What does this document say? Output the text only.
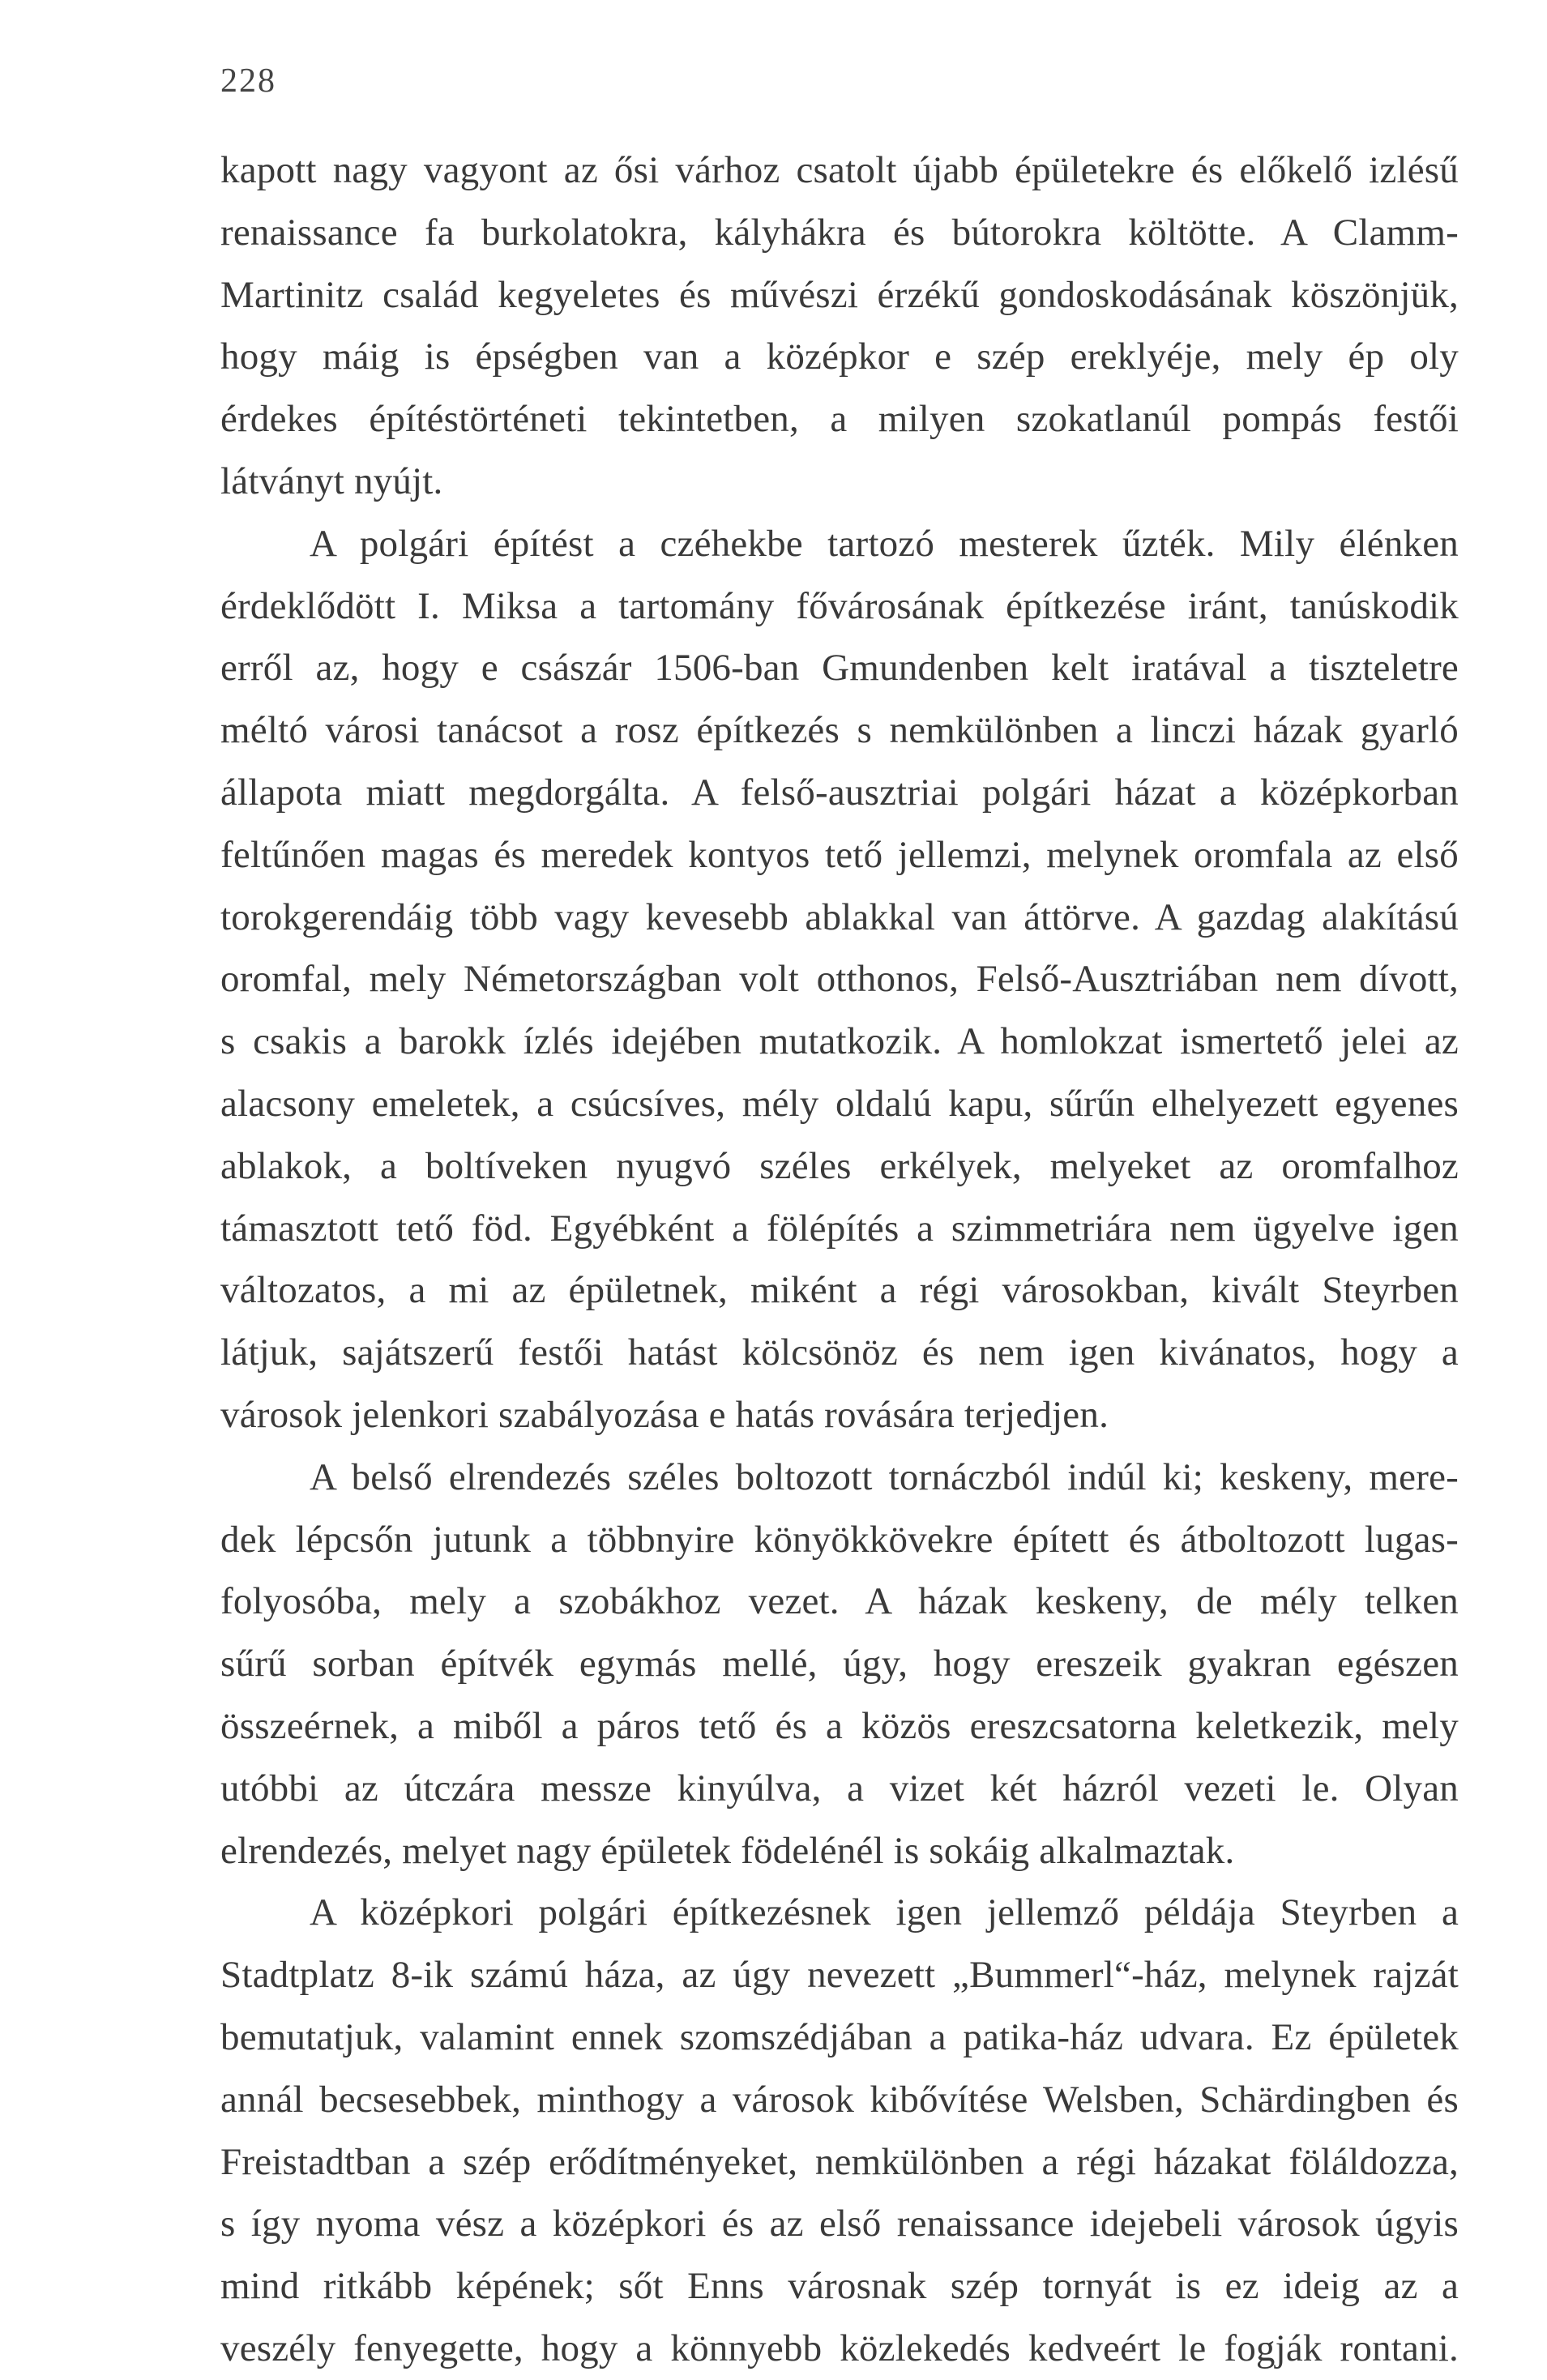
228
kapott nagy vagyont az ősi várhoz csatolt újabb épületekre és előkelő izlésű
renaissance fa burkolatokra, kályhákra és bútorokra költötte. A Clamm-
Martinitz család kegyeletes és művészi érzékű gondoskodásának köszönjük,
hogy máig is épségben van a középkor e szép ereklyéje, mely ép oly
érdekes építéstörténeti tekintetben, a milyen szokatlanúl pompás festői
látványt nyújt.
A polgári építést a czéhekbe tartozó mesterek űzték. Mily élénken
érdeklődött I. Miksa a tartomány fővárosának építkezése iránt, tanúskodik
erről az, hogy e császár 1506-ban Gmundenben kelt iratával a tiszteletre
méltó városi tanácsot a rosz építkezés s nemkülönben a linczi házak gyarló
állapota miatt megdorgálta. A felső-ausztriai polgári házat a középkorban
feltűnően magas és meredek kontyos tető jellemzi, melynek oromfala az első
torokgerendáig több vagy kevesebb ablakkal van áttörve. A gazdag alakítású
oromfal, mely Németországban volt otthonos, Felső-Ausztriában nem dívott,
s csakis a barokk ízlés idejében mutatkozik. A homlokzat ismertető jelei az
alacsony emeletek, a csúcsíves, mély oldalú kapu, sűrűn elhelyezett egyenes
ablakok, a boltíveken nyugvó széles erkélyek, melyeket az oromfalhoz
támasztott tető föd. Egyébként a fölépítés a szimmetriára nem ügyelve igen
változatos, a mi az épületnek, miként a régi városokban, kivált Steyrben
látjuk, sajátszerű festői hatást kölcsönöz és nem igen kivánatos, hogy a
városok jelenkori szabályozása e hatás rovására terjedjen.
A belső elrendezés széles boltozott tornáczból indúl ki; keskeny, mere-
dek lépcsőn jutunk a többnyire könyökkövekre épített és átboltozott lugas-
folyosóba, mely a szobákhoz vezet. A házak keskeny, de mély telken
sűrű sorban építvék egymás mellé, úgy, hogy ereszeik gyakran egészen
összeérnek, a miből a páros tető és a közös ereszcsatorna keletkezik, mely
utóbbi az útczára messze kinyúlva, a vizet két házról vezeti le. Olyan
elrendezés, melyet nagy épületek födelénél is sokáig alkalmaztak.
A középkori polgári építkezésnek igen jellemző példája Steyrben a
Stadtplatz 8-ik számú háza, az úgy nevezett „Bummerl“-ház, melynek rajzát
bemutatjuk, valamint ennek szomszédjában a patika-ház udvara. Ez épületek
annál becsesebbek, minthogy a városok kibővítése Welsben, Schärdingben és
Freistadtban a szép erődítményeket, nemkülönben a régi házakat föláldozza,
s így nyoma vész a középkori és az első renaissance idejebeli városok úgyis
mind ritkább képének; sőt Enns városnak szép tornyát is ez ideig az a
veszély fenyegette, hogy a könnyebb közlekedés kedveért le fogják rontani.
